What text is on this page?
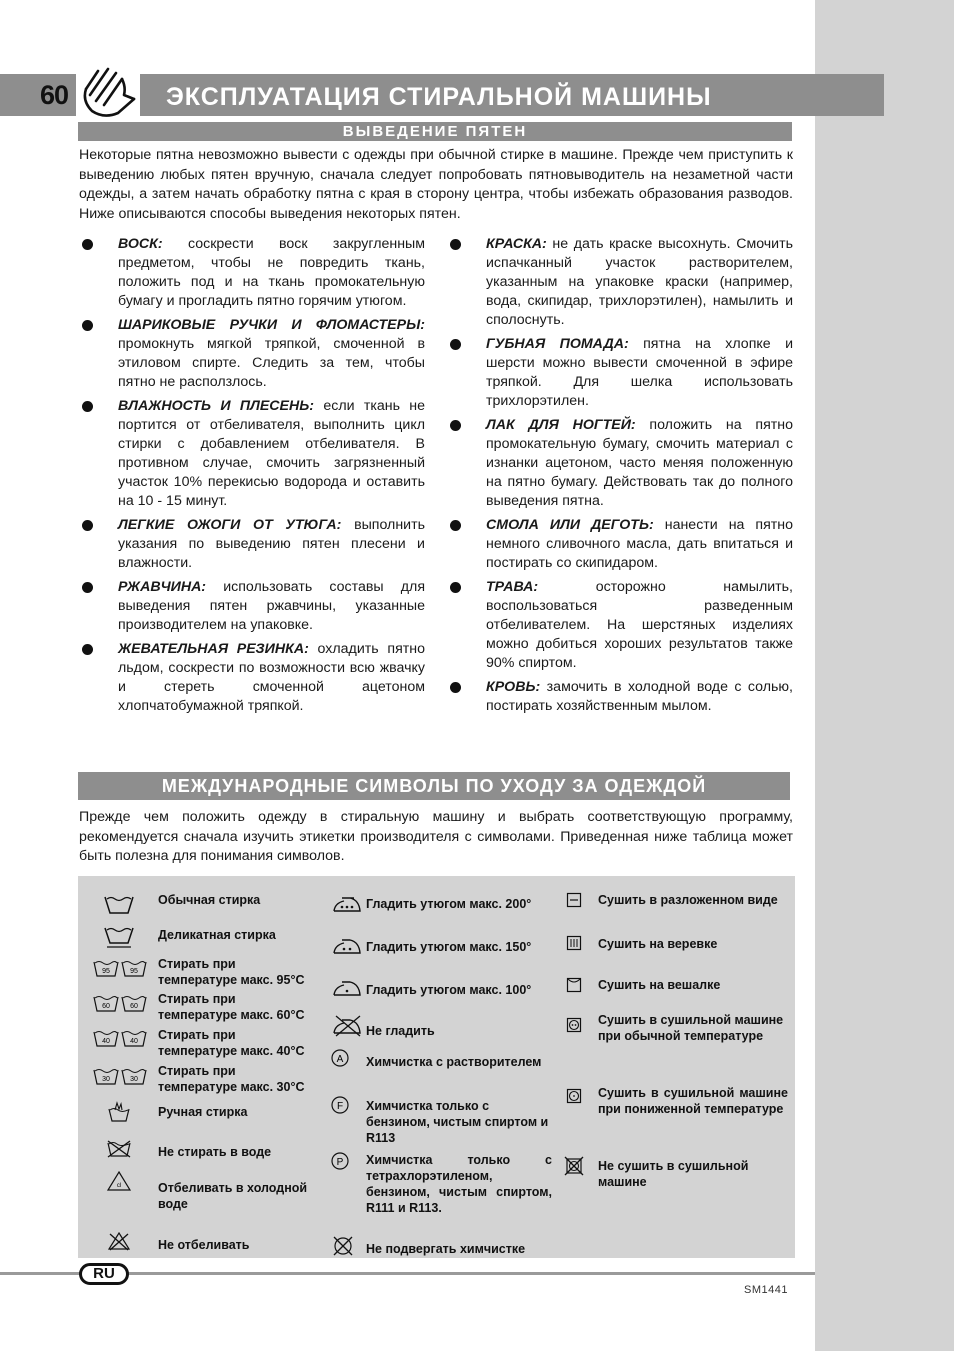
60	ЭКСПЛУАТАЦИЯ СТИРАЛЬНОЙ МАШИНЫ
ВЫВЕДЕНИЕ ПЯТЕН
Некоторые пятна невозможно вывести с одежды при обычной стирке в машине. Прежде чем приступить к выведению любых пятен вручную, сначала следует попробовать пятновыводитель на незаметной части одежды, а затем начать обработку пятна с края в сторону центра, чтобы избежать образования разводов. Ниже описываются способы выведения некоторых пятен.
ВОСК: соскрести воск закругленным предметом, чтобы не повредить ткань, положить под и на ткань промокательную бумагу и прогладить пятно горячим утюгом.
ШАРИКОВЫЕ РУЧКИ И ФЛОМАСТЕРЫ: промокнуть мягкой тряпкой, смоченной в этиловом спирте. Следить за тем, чтобы пятно не расползлось.
ВЛАЖНОСТЬ И ПЛЕСЕНЬ: если ткань не портится от отбеливателя, выполнить цикл стирки с добавлением отбеливателя. В противном случае, смочить загрязненный участок 10% перекисью водорода и оставить на 10 - 15 минут.
ЛЕГКИЕ ОЖОГИ ОТ УТЮГА: выполнить указания по выведению пятен плесени и влажности.
РЖАВЧИНА: использовать составы для выведения пятен ржавчины, указанные производителем на упаковке.
ЖЕВАТЕЛЬНАЯ РЕЗИНКА: охладить пятно льдом, соскрести по возможности всю жвачку и стереть смоченной ацетоном хлопчатобумажной тряпкой.
КРАСКА: не дать краске высохнуть. Смочить испачканный участок растворителем, указанным на упаковке краски (например, вода, скипидар, трихлорэтилен), намылить и сполоснуть.
ГУБНАЯ ПОМАДА: пятна на хлопке и шерсти можно вывести смоченной в эфире тряпкой. Для шелка использовать трихлорэтилен.
ЛАК ДЛЯ НОГТЕЙ: положить на пятно промокательную бумагу, смочить материал с изнанки ацетоном, часто меняя положенную на пятно бумагу. Действовать так до полного выведения пятна.
СМОЛА ИЛИ ДЕГОТЬ: нанести на пятно немного сливочного масла, дать впитаться и постирать со скипидаром.
ТРАВА: осторожно намылить, воспользоваться разведенным отбеливателем. На шерстяных изделиях можно добиться хороших результатов также 90% спиртом.
КРОВЬ: замочить в холодной воде с солью, постирать хозяйственным мылом.
МЕЖДУНАРОДНЫЕ СИМВОЛЫ ПО УХОДУ ЗА ОДЕЖДОЙ
Прежде чем положить одежду в стиральную машину и выбрать соответствующую программу, рекомендуется сначала изучить этикетки производителя с символами. Приведенная ниже таблица может быть полезна для понимания символов.
Обычная стирка
Деликатная стирка
95	95
Стирать при температуре макс. 95°C
60	60
Стирать при температуре макс. 60°C
40	40 Стирать при температуре макс. 40°C
30	30
Стирать при температуре макс. 30°C
Ручная стирка
Не стирать в воде
cl	Отбеливать в холодной воде
Не отбеливать
Гладить утюгом макс. 200°
Гладить утюгом макс. 150°
Гладить утюгом макс. 100°
Не гладить
A Химчистка с растворителем
F Химчистка только с бензином, чистым спиртом и R113
P Химчистка только с тетрахлорэтиленом, бензином, чистым спиртом, R111 и R113.
Не подвергать химчистке
Сушить в разложенном виде
Сушить на веревке
Сушить на вешалке
Сушить в сушильной машине при обычной температуре
Сушить в сушильной машине при пониженной температуре
Не сушить в сушильной машине
RU
SM1441
